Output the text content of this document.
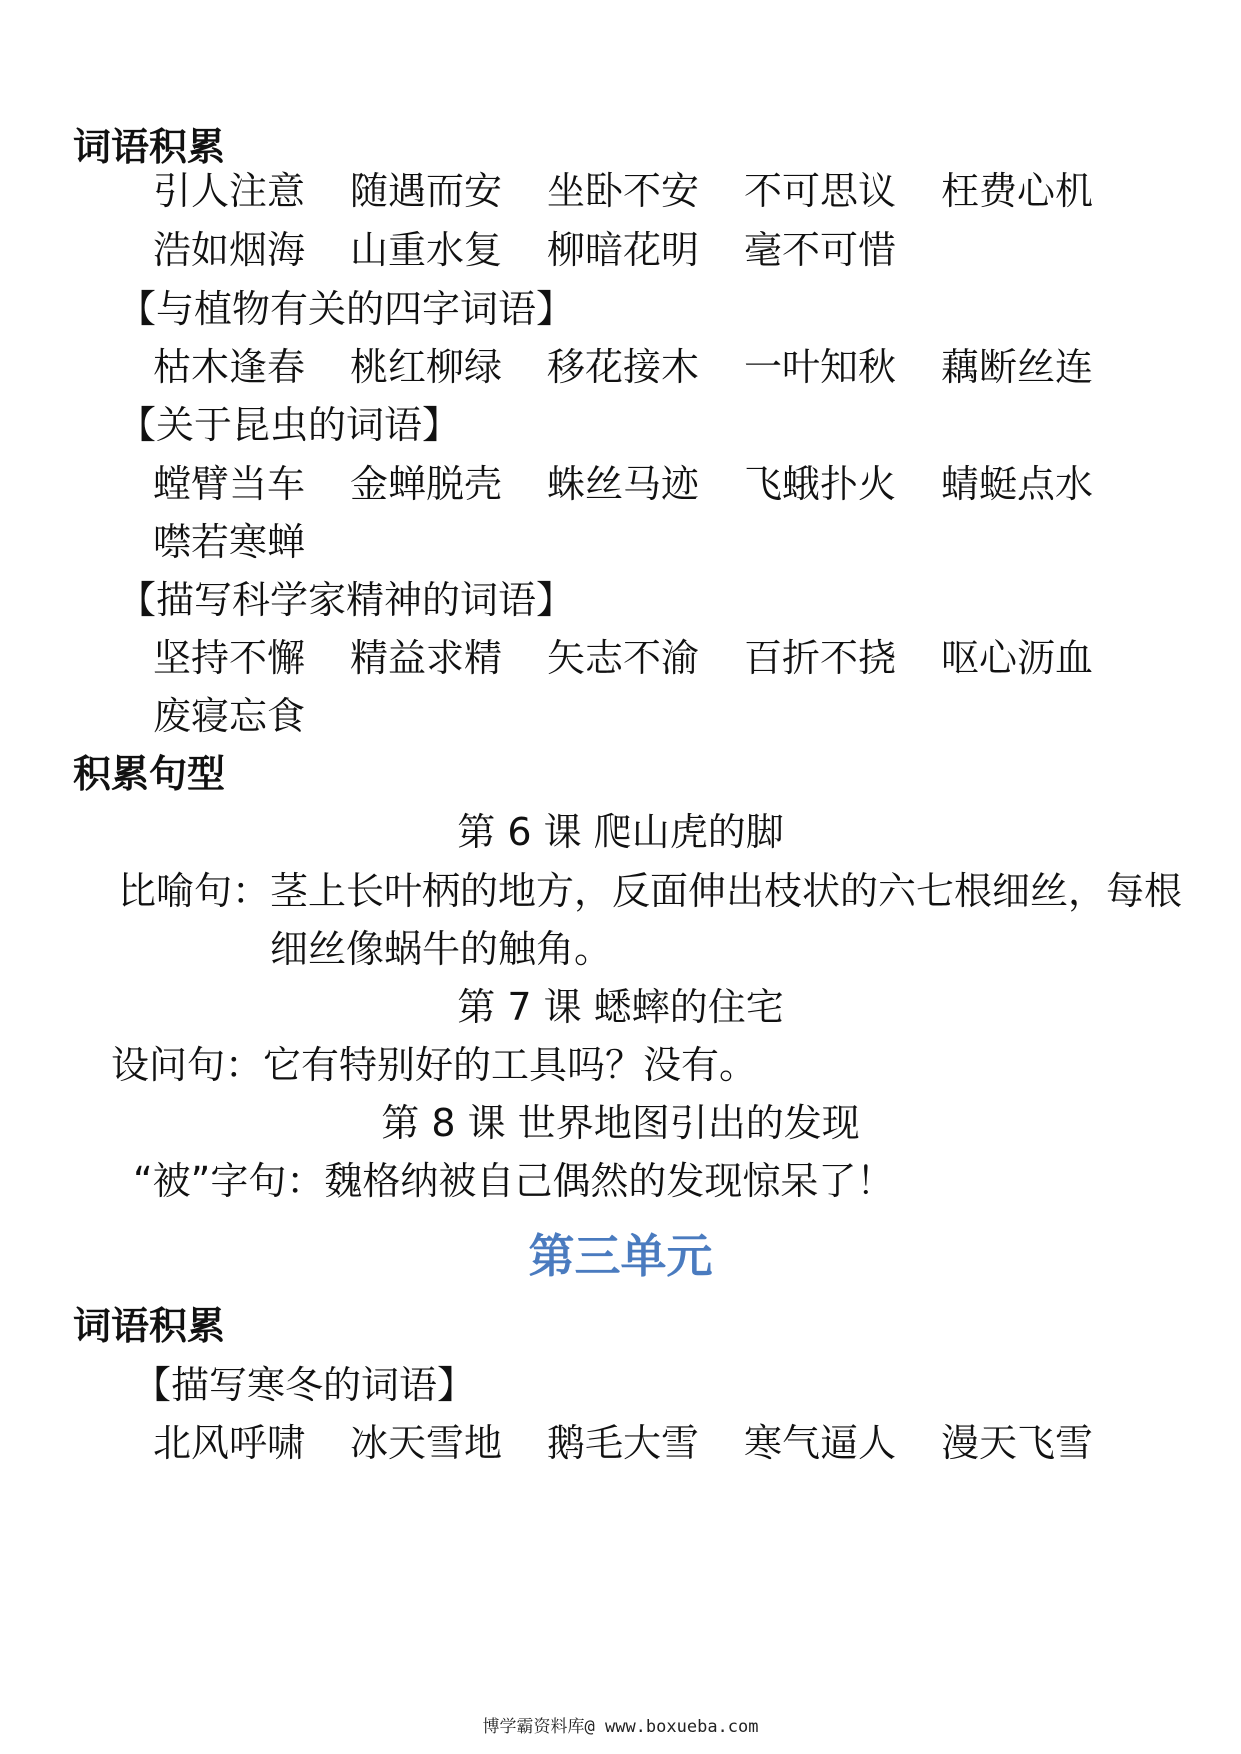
词语积累
引人注意	随遇而安	坐卧不安	不可思议	枉费心机
浩如烟海	山重水复	柳暗花明	毫不可惜
【与植物有关的四字词语】
枯木逢春	桃红柳绿	移花接木	一叶知秋	藕断丝连
【关于昆虫的词语】
螳臂当车	金蝉脱壳	蛛丝马迹	飞蛾扑火	蜻蜓点水
噤若寒蝉
【描写科学家精神的词语】
坚持不懈	精益求精	矢志不渝	百折不挠	呕心沥血
废寝忘食
积累句型
第 6 课 爬山虎的脚
比喻句：茎上长叶柄的地方，反面伸出枝状的六七根细丝，每根
细丝像蜗牛的触角。
第 7 课 蟋蟀的住宅
设问句：它有特别好的工具吗？没有。
第 8 课 世界地图引出的发现
“被”字句：魏格纳被自己偶然的发现惊呆了！
第三单元
词语积累
【描写寒冬的词语】
北风呼啸	冰天雪地	鹅毛大雪	寒气逼人	漫天飞雪
博学霸资料库@ www.boxueba.com
